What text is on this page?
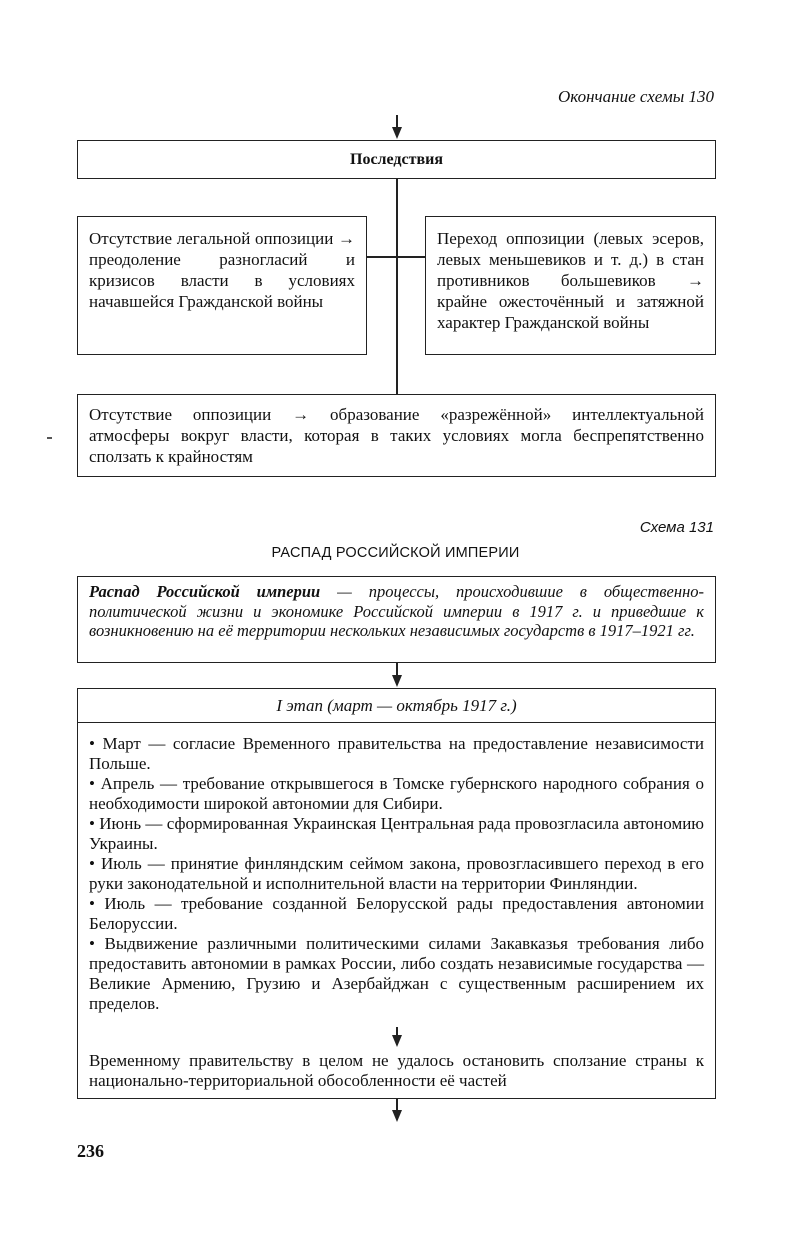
Окончание схемы 130
Последствия
Отсутствие легальной оппозиции → преодоление разногласий и кризисов власти в условиях начавшейся Гражданской войны
Переход оппозиции (левых эсеров, левых меньшевиков и т. д.) в стан противников большевиков → крайне ожесточённый и затяжной характер Гражданской войны
Отсутствие оппозиции → образование «разрежённой» интеллектуальной атмосферы вокруг власти, которая в таких условиях могла беспрепятственно сползать к крайностям
Схема 131
РАСПАД РОССИЙСКОЙ ИМПЕРИИ
Распад Российской империи — процессы, происходившие в общественно-политической жизни и экономике Российской империи в 1917 г. и приведшие к возникновению на её территории нескольких независимых государств в 1917–1921 гг.
I этап (март — октябрь 1917 г.)

• Март — согласие Временного правительства на предоставление независимости Польше.

• Апрель — требование открывшегося в Томске губернского народного собрания о необходимости широкой автономии для Сибири.

• Июнь — сформированная Украинская Центральная рада провозгласила автономию Украины.

• Июль — принятие финляндским сеймом закона, провозгласившего переход в его руки законодательной и исполнительной власти на территории Финляндии.

• Июль — требование созданной Белорусской рады предоставления автономии Белоруссии.

• Выдвижение различными политическими силами Закавказья требования либо предоставить автономии в рамках России, либо создать независимые государства — Великие Армению, Грузию и Азербайджан с существенным расширением их пределов.

Временному правительству в целом не удалось остановить сползание страны к национально-территориальной обособленности её частей
236
